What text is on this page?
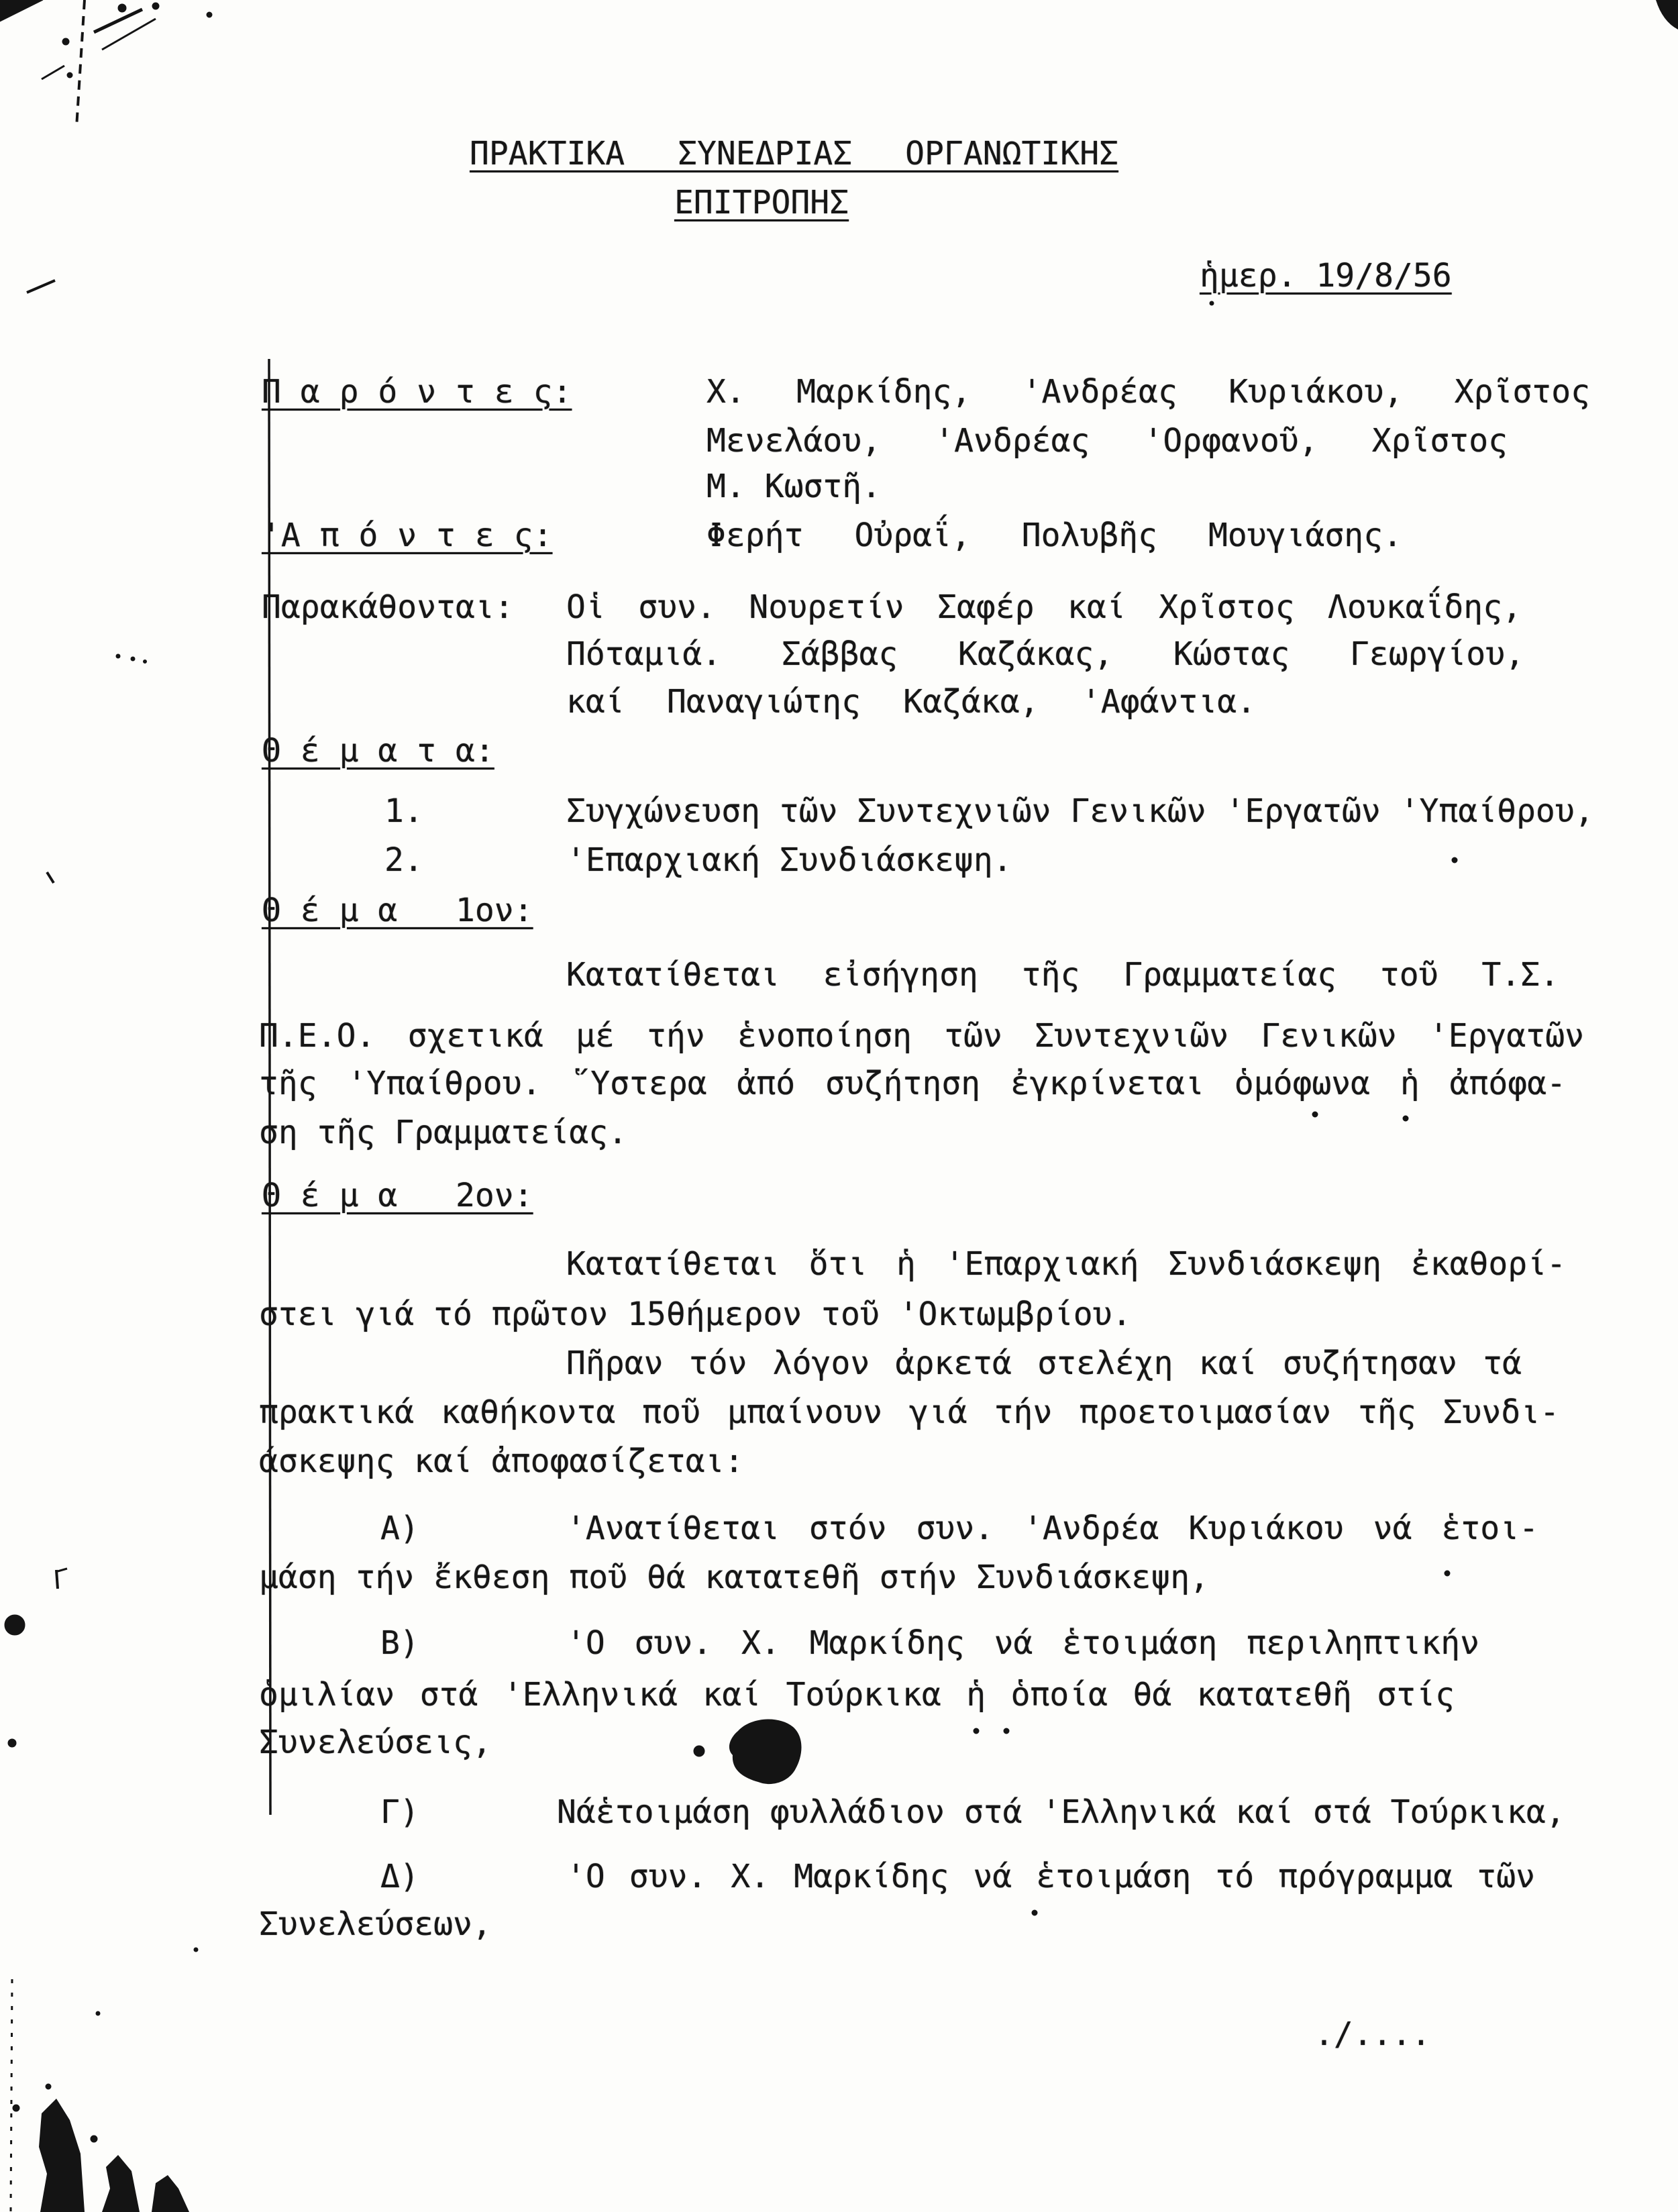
ΠΡΑΚΤΙΚΑ ΣΥΝΕΔΡΙΑΣ ΟΡΓΑΝΩΤΙΚΗΣ
ΕΠΙΤΡΟΠΗΣ
ἡμερ. 19/8/56
Π α ρ ό ν τ ε ς:	Χ. Μαρκίδης, 'Ανδρέας Κυριάκου, Χρῖστος
Μενελάου, 'Ανδρέας 'Ορφανοῦ, Χρῖστος
Μ. Κωστῆ.
'Α π ό ν τ ε ς:	Φερήτ Οὐραΐ, Πολυβῆς Μουγιάσης.
Παρακάθονται: Οἱ συν. Νουρετίν Σαφέρ καί Χρῖστος Λουκαΐδης,
Πόταμιά. Σάββας Καζάκας, Κώστας Γεωργίου,
καί Παναγιώτης Καζάκα, 'Αφάντια.
Θ έ μ α τ α:
1.	Συγχώνευση τῶν Συντεχνιῶν Γενικῶν 'Εργατῶν 'Υπαίθρου,
2.	'Επαρχιακή Συνδιάσκεψη.
Θ έ μ α   1ον:
Κατατίθεται εἰσήγηση τῆς Γραμματείας τοῦ Τ.Σ.
Π.Ε.Ο. σχετικά μέ τήν ἑνοποίηση τῶν Συντεχνιῶν Γενικῶν 'Εργατῶν
τῆς 'Υπαίθρου. ῞Υστερα ἀπό συζήτηση ἐγκρίνεται ὁμόφωνα ἡ ἀπόφα-
ση τῆς Γραμματείας.
Θ έ μ α   2ον:
Κατατίθεται ὅτι ἡ 'Επαρχιακή Συνδιάσκεψη ἐκαθορί-
στει γιά τό πρῶτον 15θήμερον τοῦ 'Οκτωμβρίου.
Πῆραν τόν λόγον ἀρκετά στελέχη καί συζήτησαν τά
πρακτικά καθήκοντα ποῦ μπαίνουν γιά τήν προετοιμασίαν τῆς Συνδι-
άσκεψης καί ἀποφασίζεται:
Α)	'Ανατίθεται στόν συν. 'Ανδρέα Κυριάκου νά ἑτοι-
μάση τήν ἔκθεση ποῦ θά κατατεθῆ στήν Συνδιάσκεψη,
Β)	'Ο συν. Χ. Μαρκίδης νά ἑτοιμάση περιληπτικήν
ὁμιλίαν στά 'Ελληνικά καί Τούρκικα ἡ ὁποία θά κατατεθῆ στίς
Συνελεύσεις,
Γ)	Νάἑτοιμάση φυλλάδιον στά 'Ελληνικά καί στά Τούρκικα,
Δ)	'Ο συν. Χ. Μαρκίδης νά ἑτοιμάση τό πρόγραμμα τῶν
Συνελεύσεων,
./....
